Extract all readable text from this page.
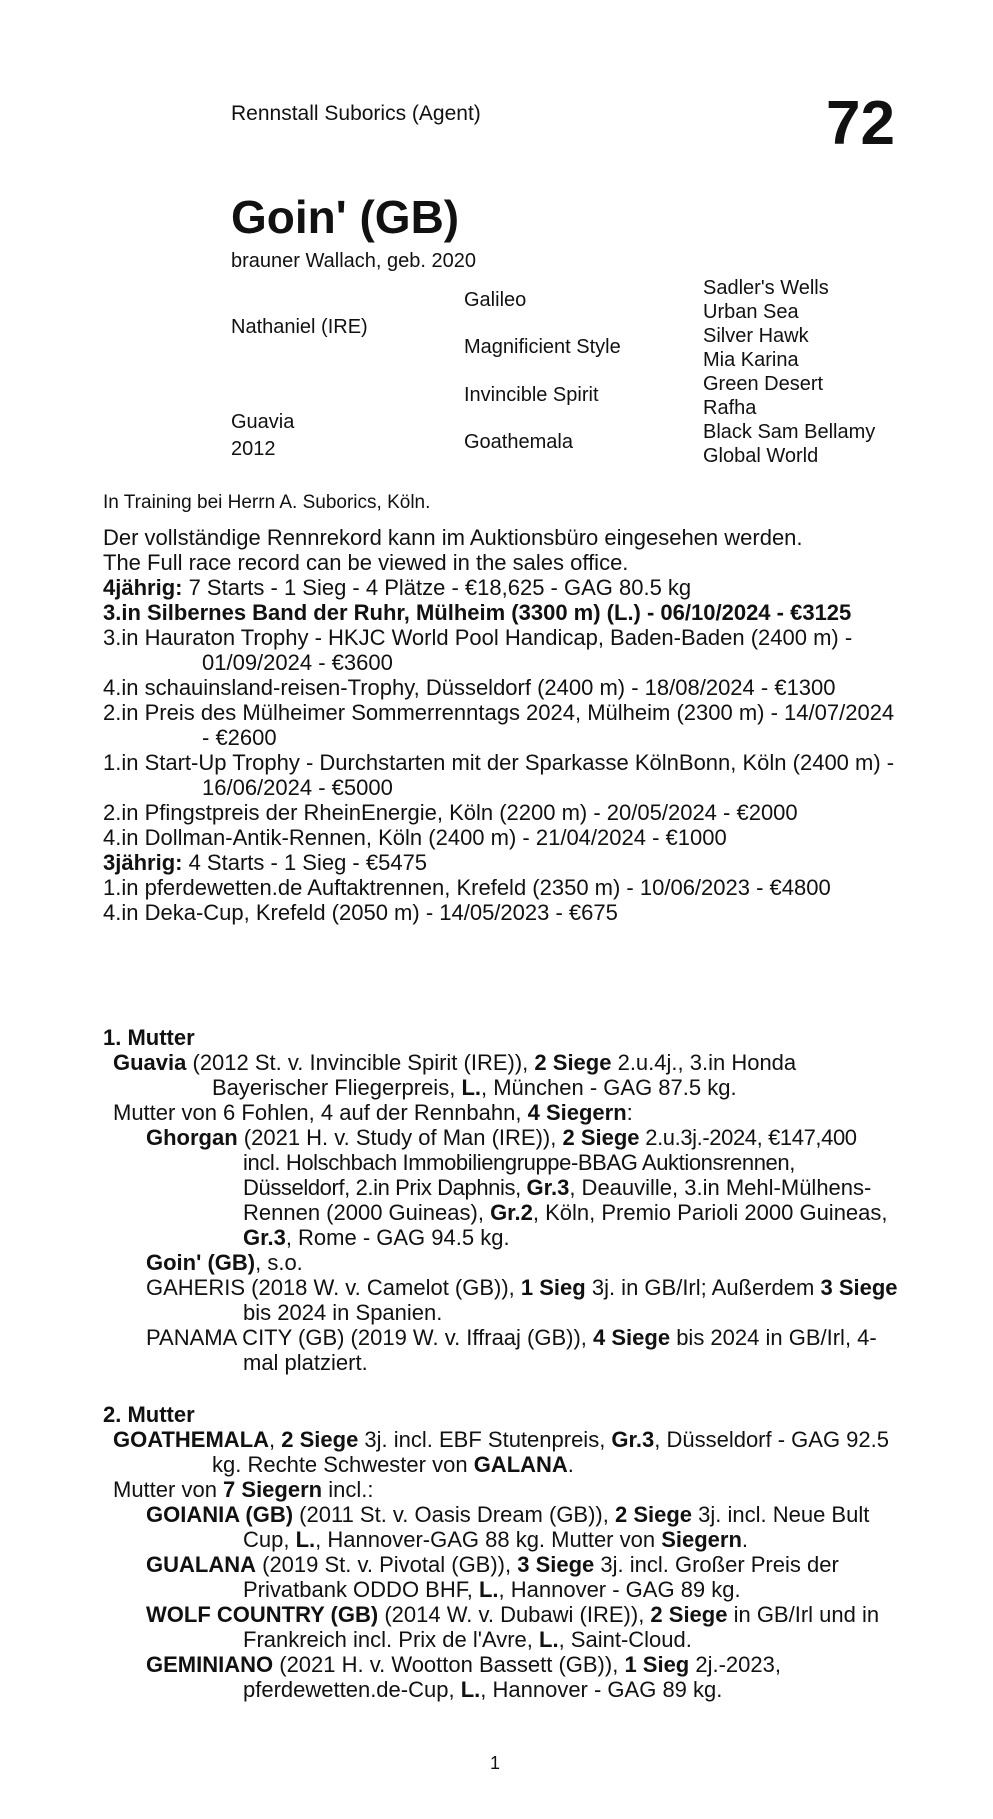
Rennstall Suborics (Agent)	72
Goin' (GB)
brauner Wallach, geb. 2020
Nathaniel (IRE)
Guavia
2012
Galileo
Magnificient Style
Invincible Spirit
Goathemala
Sadler's Wells
Urban Sea
Silver Hawk
Mia Karina
Green Desert
Rafha
Black Sam Bellamy
Global World
In Training bei Herrn A. Suborics, Köln.
Der vollständige Rennrekord kann im Auktionsbüro eingesehen werden.
The Full race record can be viewed in the sales office.
4jährig: 7 Starts - 1 Sieg - 4 Plätze - €18,625 - GAG 80.5 kg
3.in Silbernes Band der Ruhr, Mülheim (3300 m) (L.) - 06/10/2024 - €3125
3.in Hauraton Trophy - HKJC World Pool Handicap, Baden-Baden (2400 m) - 01/09/2024 - €3600
4.in schauinsland-reisen-Trophy, Düsseldorf (2400 m) - 18/08/2024 - €1300
2.in Preis des Mülheimer Sommerrenntags 2024, Mülheim (2300 m) - 14/07/2024 - €2600
1.in Start-Up Trophy - Durchstarten mit der Sparkasse KölnBonn, Köln (2400 m) - 16/06/2024 - €5000
2.in Pfingstpreis der RheinEnergie, Köln (2200 m) - 20/05/2024 - €2000
4.in Dollman-Antik-Rennen, Köln (2400 m) - 21/04/2024 - €1000
3jährig: 4 Starts - 1 Sieg - €5475
1.in pferdewetten.de Auftaktrennen, Krefeld (2350 m) - 10/06/2023 - €4800
4.in Deka-Cup, Krefeld (2050 m) - 14/05/2023 - €675
1. Mutter
Guavia (2012 St. v. Invincible Spirit (IRE)), 2 Siege 2.u.4j., 3.in Honda Bayerischer Fliegerpreis, L., München - GAG 87.5 kg.
Mutter von 6 Fohlen, 4 auf der Rennbahn, 4 Siegern:
Ghorgan (2021 H. v. Study of Man (IRE)), 2 Siege 2.u.3j.-2024, €147,400 incl. Holschbach Immobiliengruppe-BBAG Auktionsrennen, Düsseldorf, 2.in Prix Daphnis, Gr.3, Deauville, 3.in Mehl-Mülhens-Rennen (2000 Guineas), Gr.2, Köln, Premio Parioli 2000 Guineas, Gr.3, Rome - GAG 94.5 kg.
Goin' (GB), s.o.
GAHERIS (2018 W. v. Camelot (GB)), 1 Sieg 3j. in GB/Irl; Außerdem 3 Siege bis 2024 in Spanien.
PANAMA CITY (GB) (2019 W. v. Iffraaj (GB)), 4 Siege bis 2024 in GB/Irl, 4-mal platziert.
2. Mutter
GOATHEMALA, 2 Siege 3j. incl. EBF Stutenpreis, Gr.3, Düsseldorf - GAG 92.5 kg. Rechte Schwester von GALANA.
Mutter von 7 Siegern incl.:
GOIANIA (GB) (2011 St. v. Oasis Dream (GB)), 2 Siege 3j. incl. Neue Bult Cup, L., Hannover-GAG 88 kg. Mutter von Siegern.
GUALANA (2019 St. v. Pivotal (GB)), 3 Siege 3j. incl. Großer Preis der Privatbank ODDO BHF, L., Hannover - GAG 89 kg.
WOLF COUNTRY (GB) (2014 W. v. Dubawi (IRE)), 2 Siege in GB/Irl und in Frankreich incl. Prix de l'Avre, L., Saint-Cloud.
GEMINIANO (2021 H. v. Wootton Bassett (GB)), 1 Sieg 2j.-2023, pferdewetten.de-Cup, L., Hannover - GAG 89 kg.
1
